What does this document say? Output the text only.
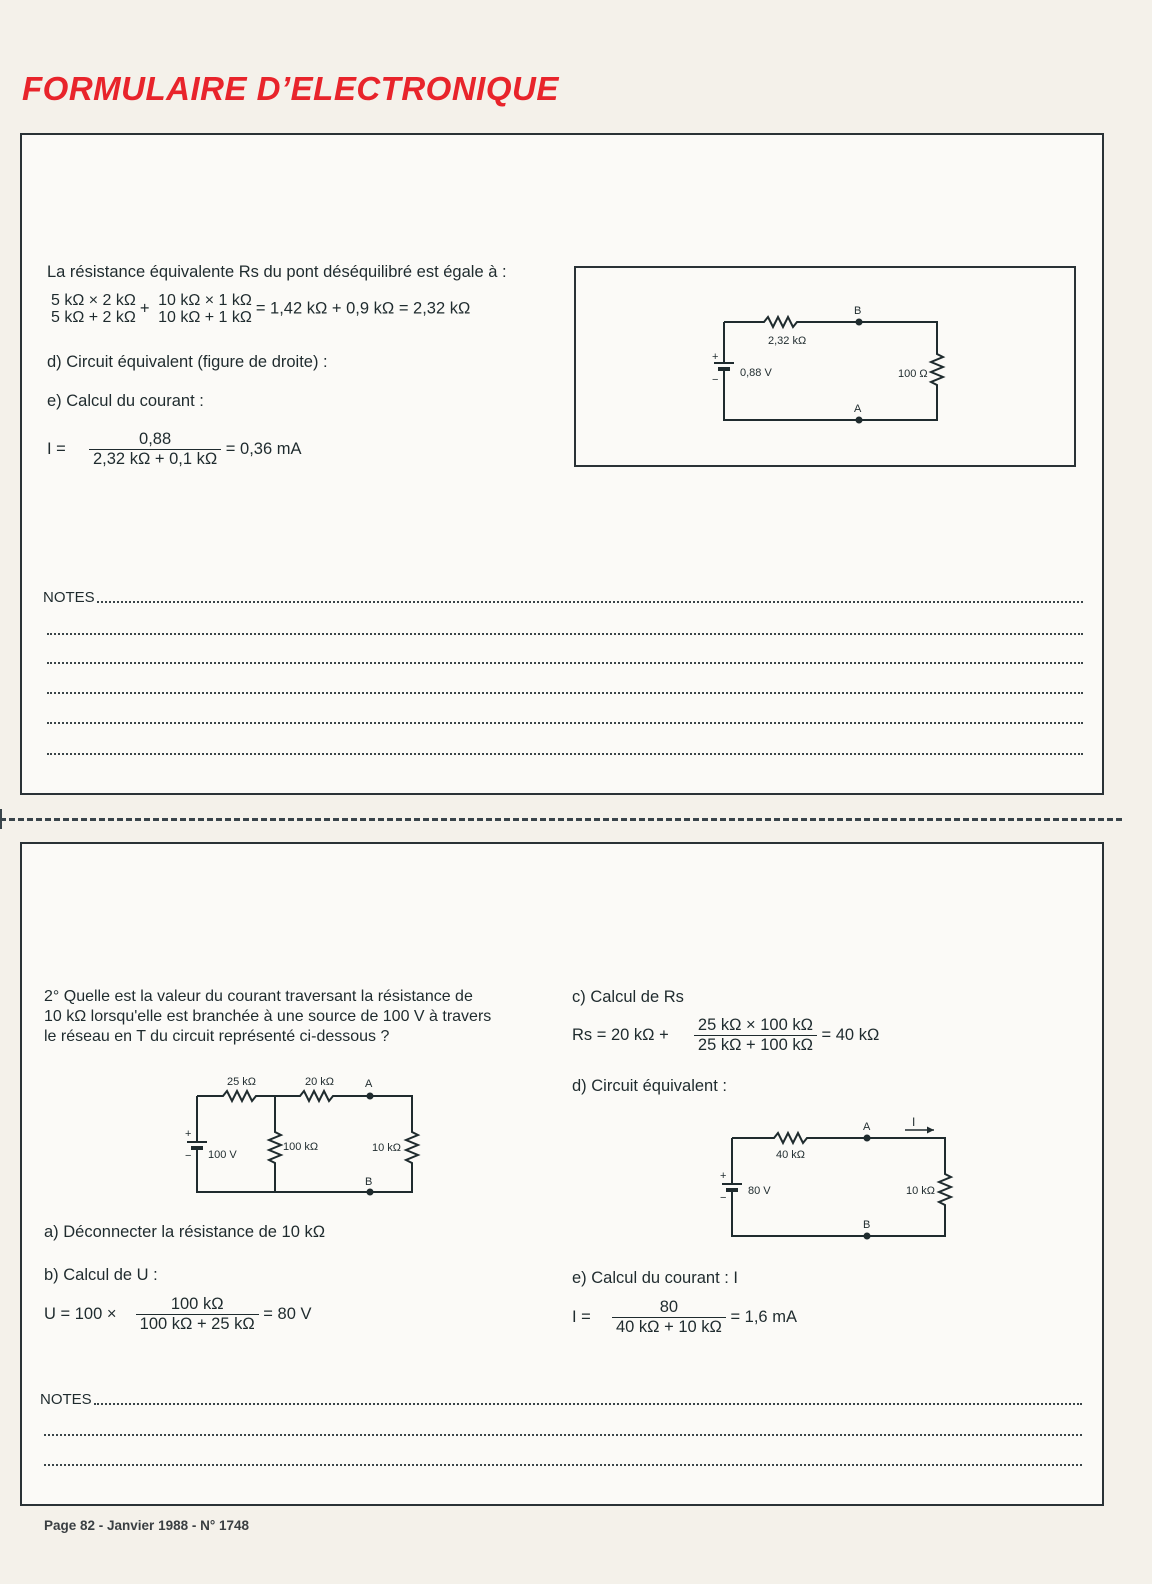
FORMULAIRE D’ELECTRONIQUE
La résistance équivalente Rs du pont déséquilibré est égale à :
5 kΩ × 2 kΩ
5 kΩ + 2 kΩ
+ 10 kΩ × 1 kΩ
10 kΩ + 1 kΩ
= 1,42 kΩ + 0,9 kΩ = 2,32 kΩ
d) Circuit équivalent (figure de droite) :
e) Calcul du courant :
$I = \frac{0,88}{2,32 k\Omega + 0,1 k\Omega} = 0,36$ mA
2,32 kΩ
B
A
0,88 V	100 Ω
+
−
NOTES
2° Quelle est la valeur du courant traversant la résistance de
10 kΩ lorsqu'elle est branchée à une source de 100 V à travers
le réseau en T du circuit représenté ci-dessous ?
25 kΩ	20 kΩ	A
B
100 V
100 kΩ	10 kΩ
+
−
a) Déconnecter la résistance de 10 kΩ
b) Calcul de U :
$U = 100 \times \frac{100 k\Omega}{100 k\Omega + 25 k\Omega} = 80$ V
c) Calcul de Rs
Rs = 20 $k\Omega + \frac{25 k\Omega \times 100 k\Omega}{25 k\Omega + 100 k\Omega} = 40$ kΩ
d) Circuit équivalent :
40 kΩ
A
B
I
80 V	10 kΩ
+
−
e) Calcul du courant : I
$I = \frac{80}{40 k\Omega + 10 k\Omega} = 1,6$ mA
NOTES
Page 82 - Janvier 1988 - N° 1748
